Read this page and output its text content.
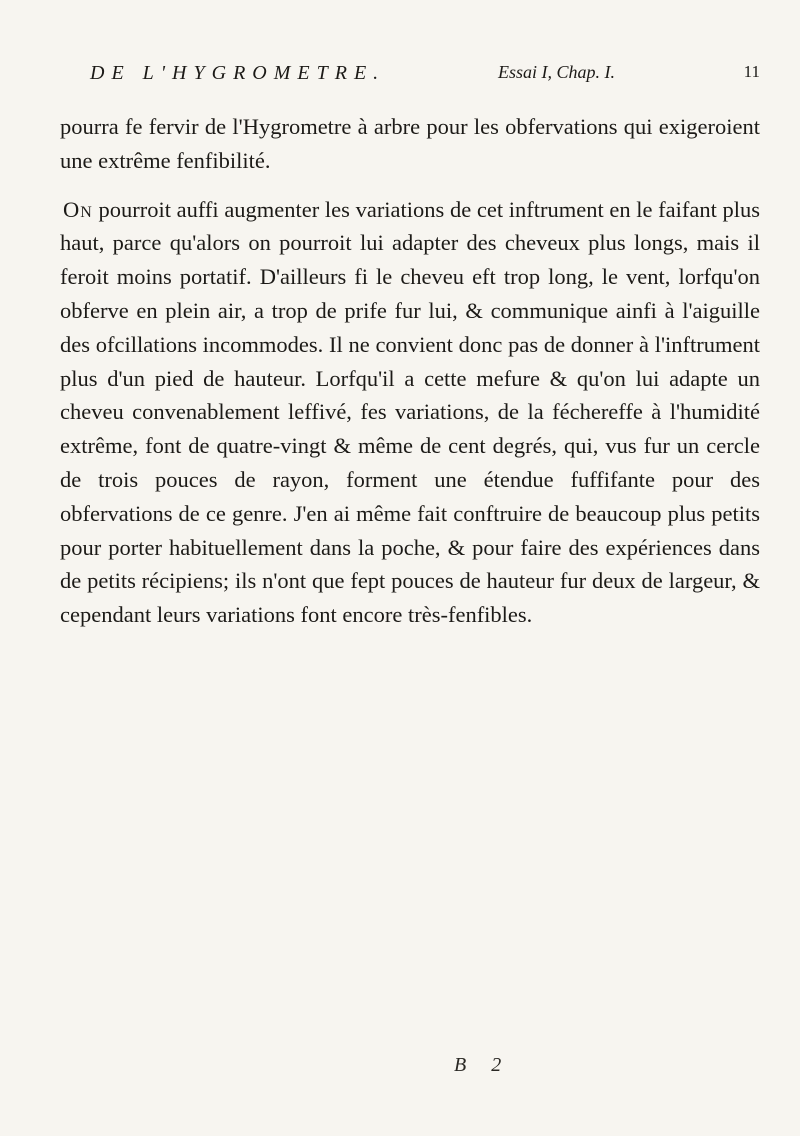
DE L'HYGROMETRE.	Essai I, Chap. I.	11

pourra fe fervir de l'Hygrometre à arbre pour les obfervations qui exigeroient une extrême fenfibilité.

On pourroit auffi augmenter les variations de cet inftrument en le faifant plus haut, parce qu'alors on pourroit lui adapter des cheveux plus longs, mais il feroit moins portatif. D'ailleurs fi le cheveu eft trop long, le vent, lorfqu'on obferve en plein air, a trop de prife fur lui, & communique ainfi à l'aiguille des ofcillations incommodes. Il ne convient donc pas de donner à l'inftrument plus d'un pied de hauteur. Lorfqu'il a cette mefure & qu'on lui adapte un cheveu convenablement leffivé, fes variations, de la féchereffe à l'humidité extrême, font de quatre-vingt & même de cent degrés, qui, vus fur un cercle de trois pouces de rayon, forment une étendue fuffifante pour des obfervations de ce genre. J'en ai même fait conftruire de beaucoup plus petits pour porter habituellement dans la poche, & pour faire des expériences dans de petits récipiens; ils n'ont que fept pouces de hauteur fur deux de largeur, & cependant leurs variations font encore très-fenfibles.

B 2
